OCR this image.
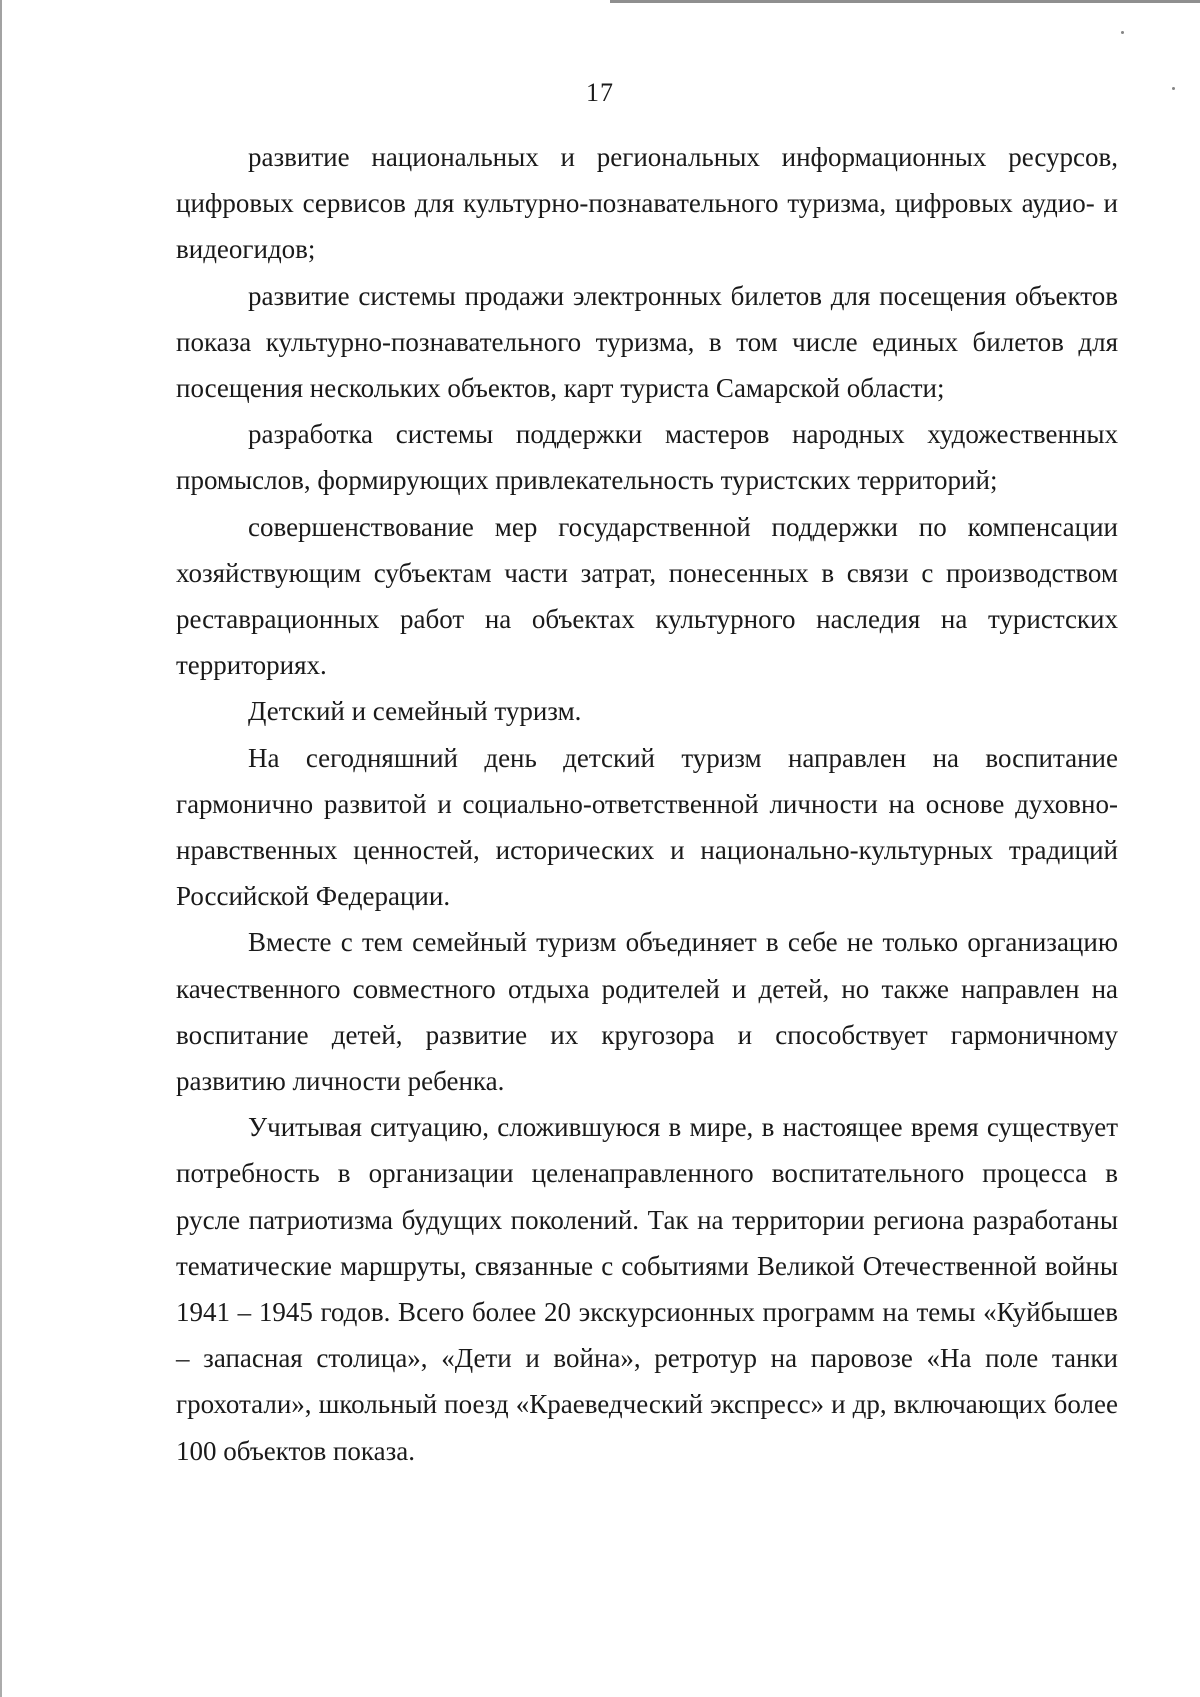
17

развитие национальных и региональных информационных ресурсов, цифровых сервисов для культурно-познавательного туризма, цифровых аудио- и видеогидов;

развитие системы продажи электронных билетов для посещения объектов показа культурно-познавательного туризма, в том числе единых билетов для посещения нескольких объектов, карт туриста Самарской области;

разработка системы поддержки мастеров народных художественных промыслов, формирующих привлекательность туристских территорий;

совершенствование мер государственной поддержки по компенсации хозяйствующим субъектам части затрат, понесенных в связи с производством реставрационных работ на объектах культурного наследия на туристских территориях.

Детский и семейный туризм.

На сегодняшний день детский туризм направлен на воспитание гармонично развитой и социально-ответственной личности на основе духовно-нравственных ценностей, исторических и национально-культурных традиций Российской Федерации.

Вместе с тем семейный туризм объединяет в себе не только организацию качественного совместного отдыха родителей и детей, но также направлен на воспитание детей, развитие их кругозора и способствует гармоничному развитию личности ребенка.

Учитывая ситуацию, сложившуюся в мире, в настоящее время существует потребность в организации целенаправленного воспитательного процесса в русле патриотизма будущих поколений. Так на территории региона разработаны тематические маршруты, связанные с событиями Великой Отечественной войны 1941 – 1945 годов. Всего более 20 экскурсионных программ на темы «Куйбышев – запасная столица», «Дети и война», ретротур на паровозе «На поле танки грохотали», школьный поезд «Краеведческий экспресс» и др, включающих более 100 объектов показа.
